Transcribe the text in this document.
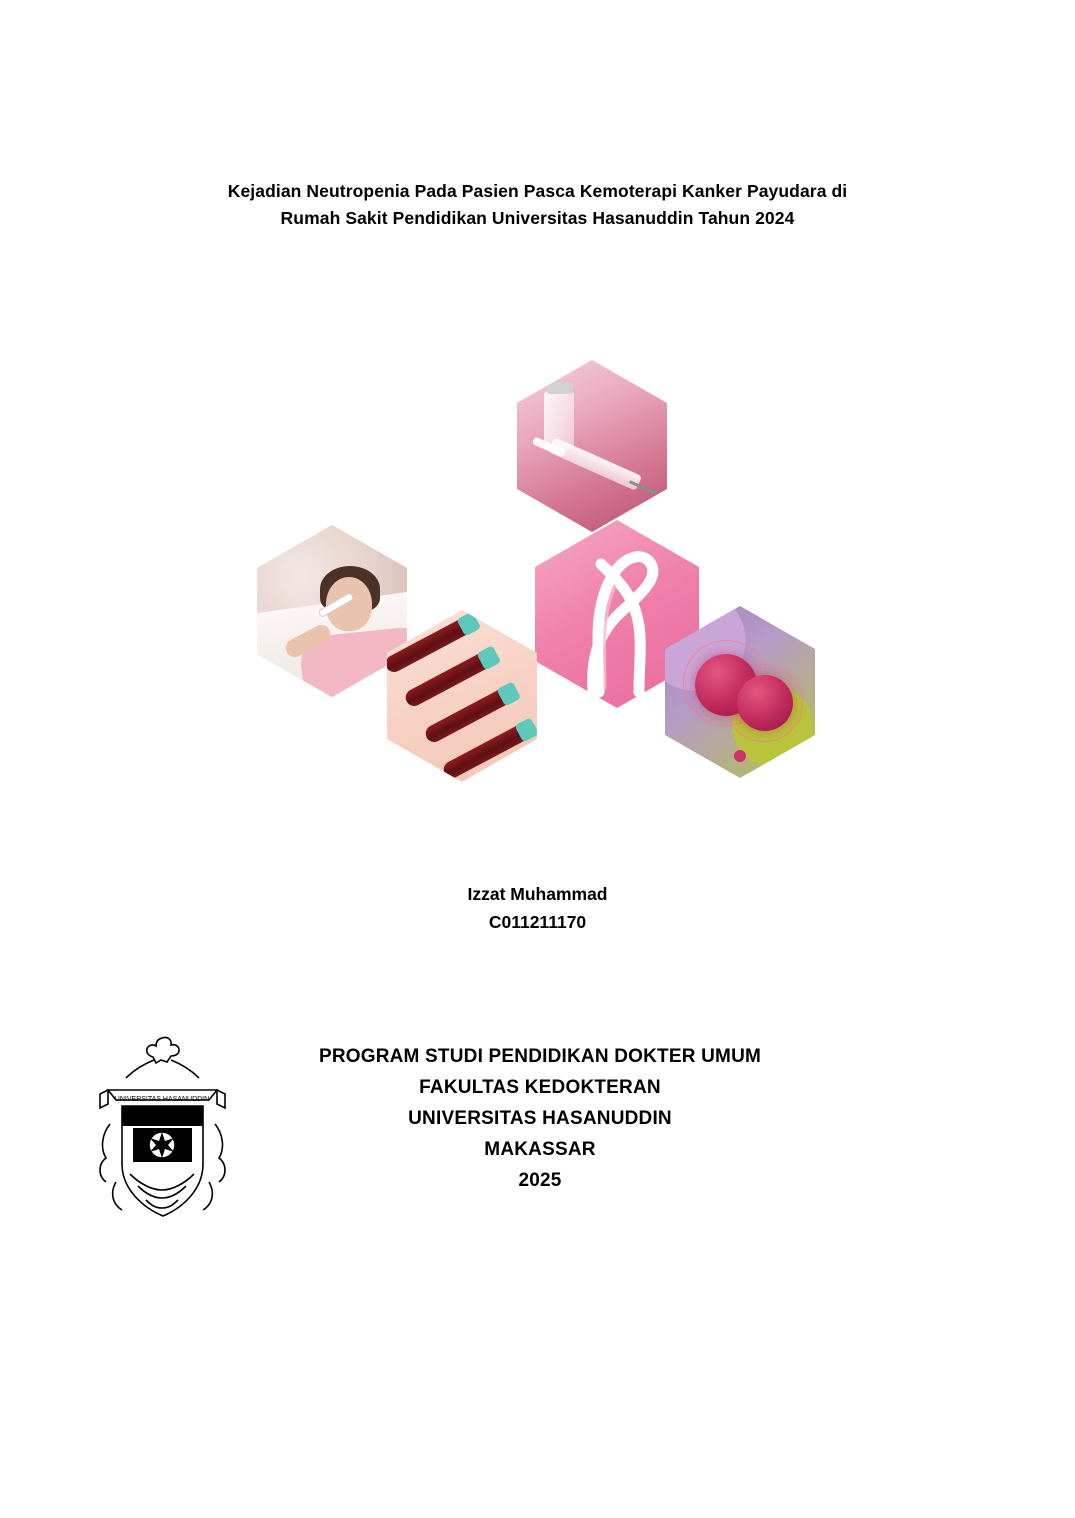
Kejadian Neutropenia Pada Pasien Pasca Kemoterapi Kanker Payudara di
Rumah Sakit Pendidikan Universitas Hasanuddin Tahun 2024
Izzat Muhammad
C011211170
UNIVERSITAS HASANUDDIN
PROGRAM STUDI PENDIDIKAN DOKTER UMUM
FAKULTAS KEDOKTERAN
UNIVERSITAS HASANUDDIN
MAKASSAR
2025
